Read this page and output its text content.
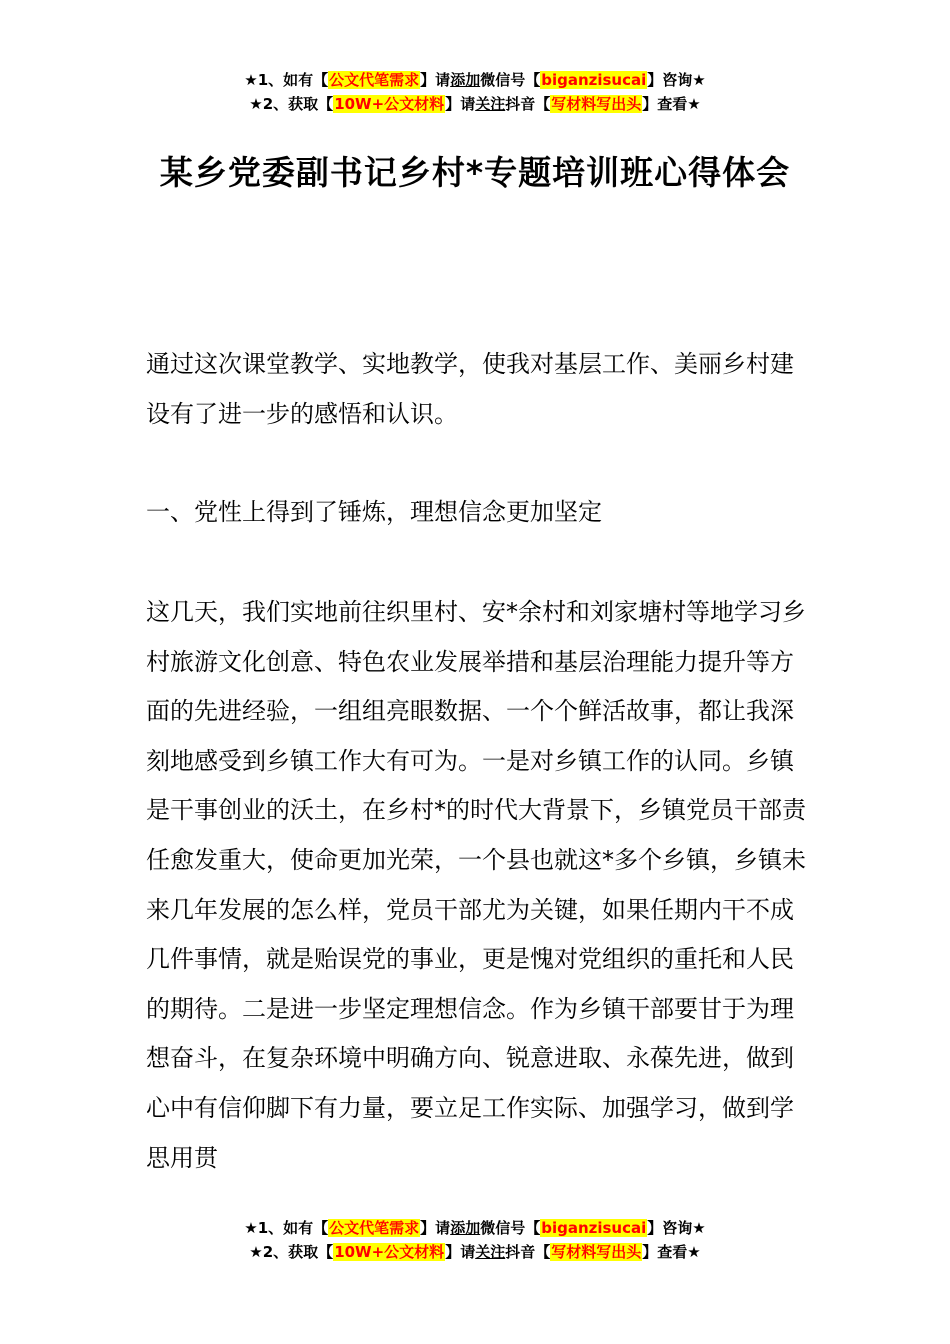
★1、如有【公文代笔需求】请添加微信号【biganzisucai】咨询★
★2、获取【10W+公文材料】请关注抖音【写材料写出头】查看★
某乡党委副书记乡村*专题培训班心得体会

通过这次课堂教学、实地教学，使我对基层工作、美丽乡村建设有了进一步的感悟和认识。

一、党性上得到了锤炼，理想信念更加坚定

这几天，我们实地前往织里村、安*余村和刘家塘村等地学习乡村旅游文化创意、特色农业发展举措和基层治理能力提升等方面的先进经验，一组组亮眼数据、一个个鲜活故事，都让我深刻地感受到乡镇工作大有可为。一是对乡镇工作的认同。乡镇是干事创业的沃土，在乡村*的时代大背景下，乡镇党员干部责任愈发重大，使命更加光荣，一个县也就这*多个乡镇，乡镇未来几年发展的怎么样，党员干部尤为关键，如果任期内干不成几件事情，就是贻误党的事业，更是愧对党组织的重托和人民的期待。二是进一步坚定理想信念。作为乡镇干部要甘于为理想奋斗，在复杂环境中明确方向、锐意进取、永葆先进，做到心中有信仰脚下有力量，要立足工作实际、加强学习，做到学思用贯

★1、如有【公文代笔需求】请添加微信号【biganzisucai】咨询★
★2、获取【10W+公文材料】请关注抖音【写材料写出头】查看★
